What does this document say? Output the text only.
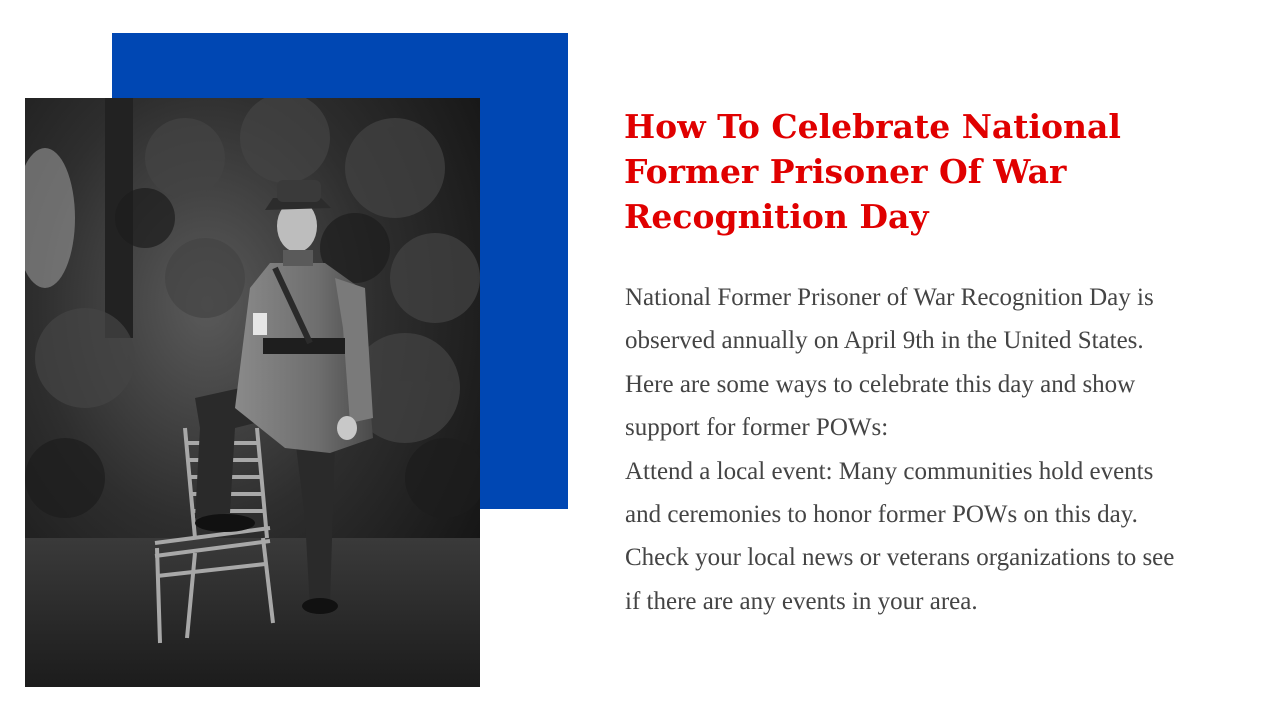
How To Celebrate National
Former Prisoner Of War
Recognition Day

National Former Prisoner of War Recognition Day is
observed annually on April 9th in the United States.
Here are some ways to celebrate this day and show
support for former POWs:
Attend a local event: Many communities hold events
and ceremonies to honor former POWs on this day.
Check your local news or veterans organizations to see
if there are any events in your area.
